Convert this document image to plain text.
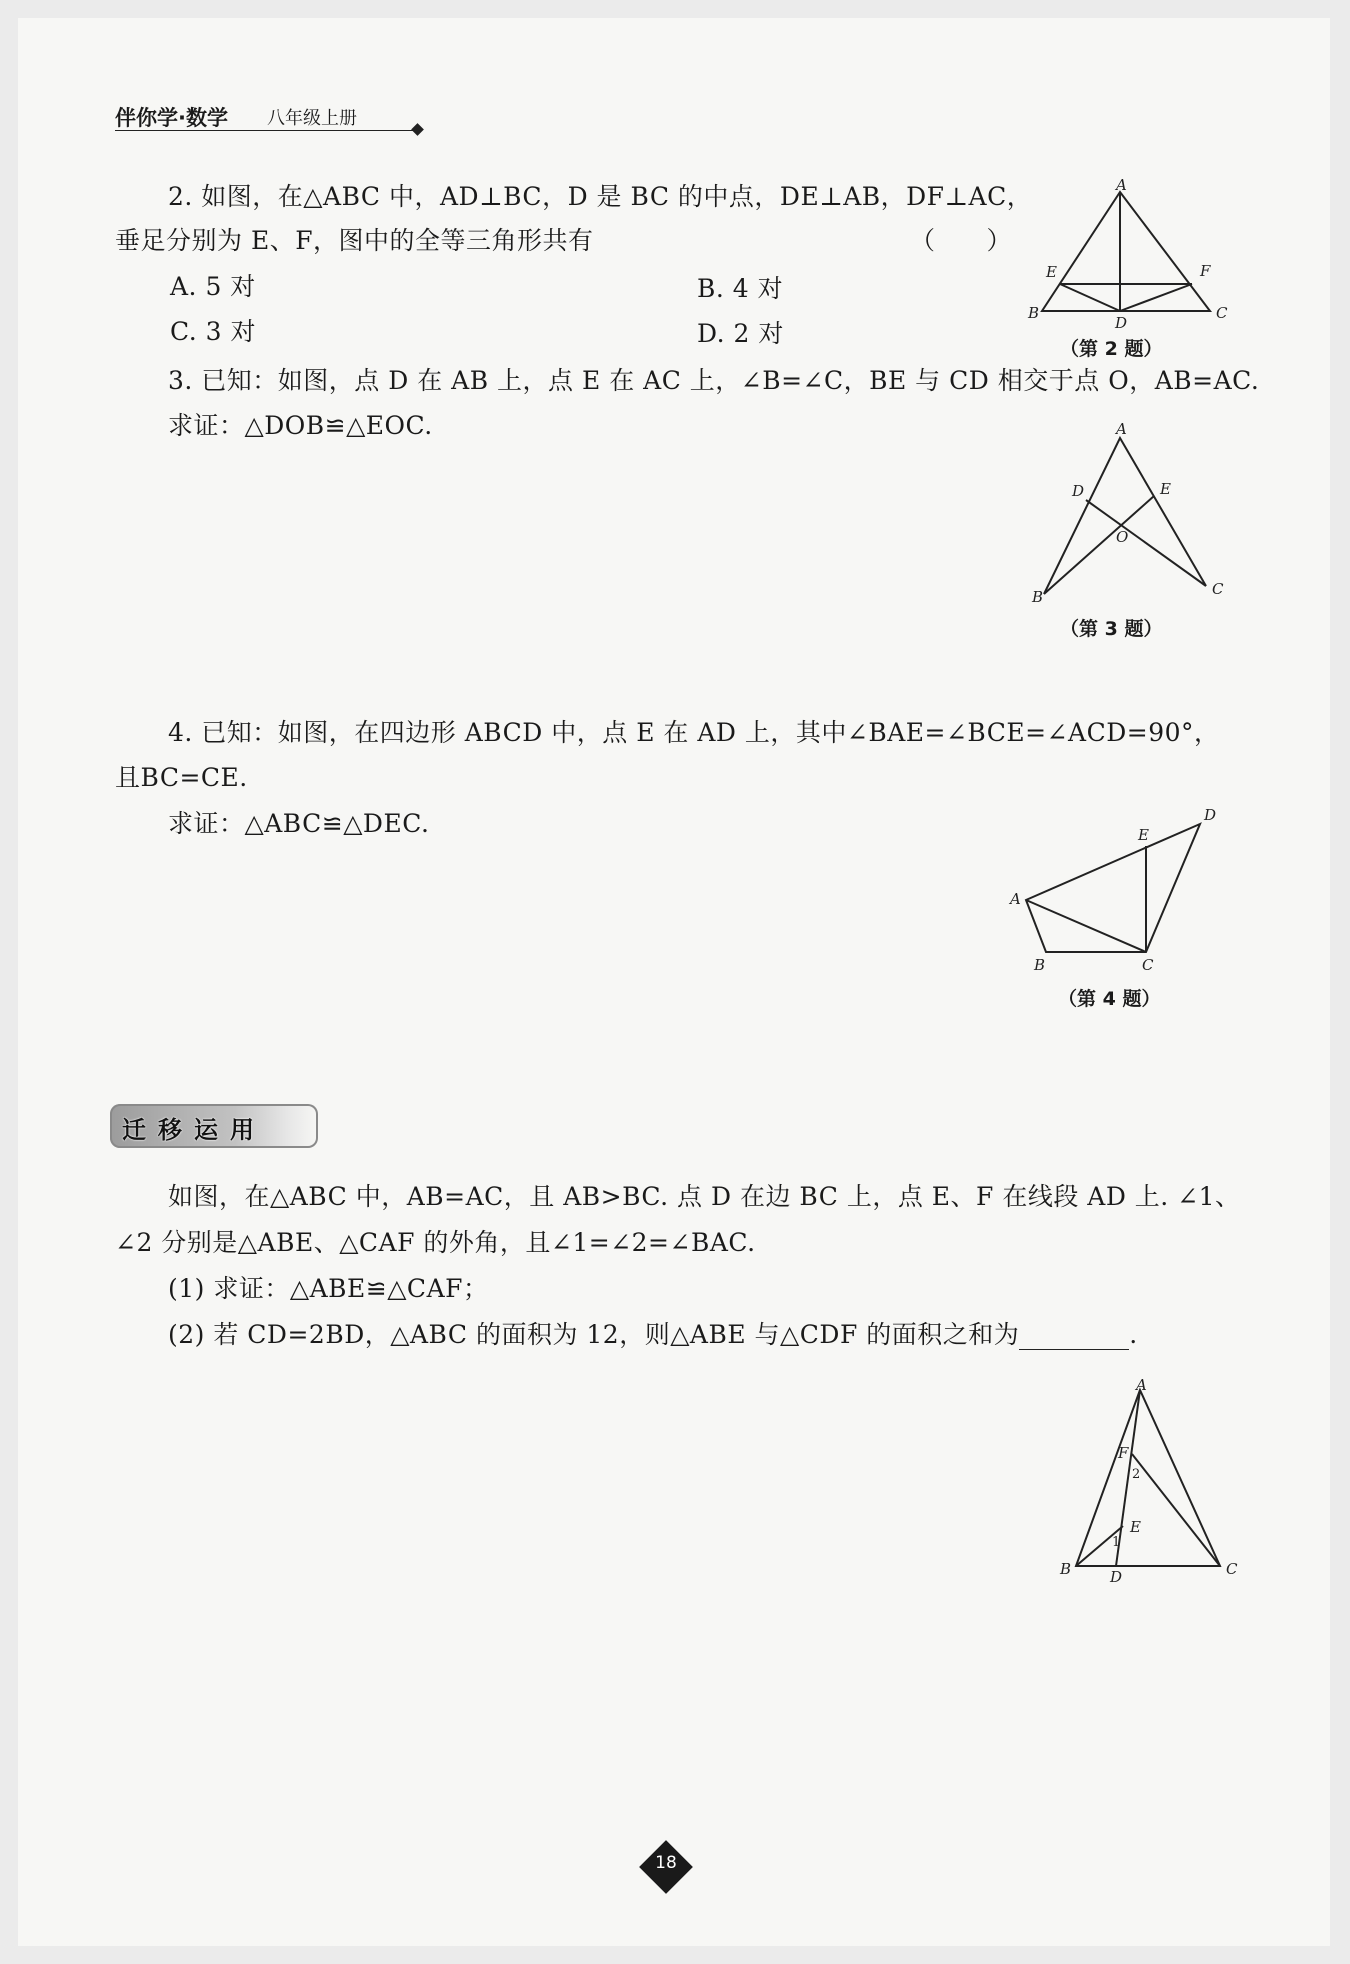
伴你学·数学 八年级上册
2. 如图，在△ABC 中，AD⊥BC，D 是 BC 的中点，DE⊥AB，DF⊥AC，
垂足分别为 E、F，图中的全等三角形共有	（　　）
A. 5 对	B. 4 对
C. 3 对	D. 2 对
A
B	C
D
E	F
（第 2 题）
3. 已知：如图，点 D 在 AB 上，点 E 在 AC 上，∠B=∠C，BE 与 CD 相交于点 O，AB=AC.
求证：△DOB≌△EOC.	A
B	C
D	E
O
（第 3 题）
4. 已知：如图，在四边形 ABCD 中，点 E 在 AD 上，其中∠BAE=∠BCE=∠ACD=90°，
且BC=CE.
求证：△ABC≌△DEC.
A
B	C
D
E
（第 4 题）
迁移运用
如图，在△ABC 中，AB=AC，且 AB>BC. 点 D 在边 BC 上，点 E、F 在线段 AD 上. ∠1、
∠2 分别是△ABE、△CAF 的外角，且∠1=∠2=∠BAC.
(1) 求证：△ABE≌△CAF；
(2) 若 CD=2BD，△ABC 的面积为 12，则△ABE 与△CDF 的面积之和为	.
A
B	C
D
E
F
1
2
18
